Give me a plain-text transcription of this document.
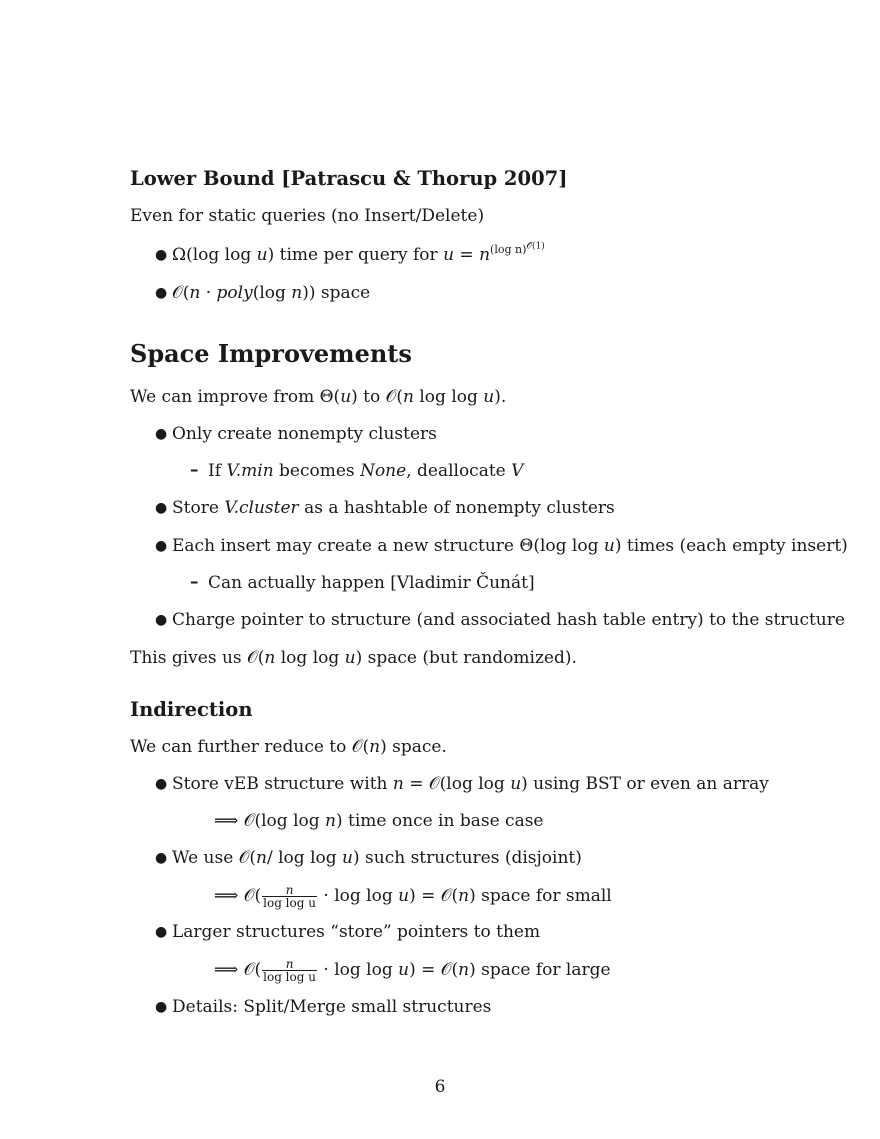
Lower Bound [Patrascu & Thorup 2007]
Even for static queries (no Insert/Delete)
● Ω(log log u) time per query for $u = n^{(log n)^{𝒪(1)}}$
● 𝒪(n · poly(log n)) space
Space Improvements
We can improve from Θ(u) to 𝒪(n log log u).
● Only create nonempty clusters
– If V.min becomes None, deallocate V
● Store V.cluster as a hashtable of nonempty clusters
● Each insert may create a new structure Θ(log log u) times (each empty insert)
– Can actually happen [Vladimir Čunát]
● Charge pointer to structure (and associated hash table entry) to the structure
This gives us 𝒪(n log log u) space (but randomized).
Indirection
We can further reduce to 𝒪(n) space.
● Store vEB structure with n = 𝒪(log log u) using BST or even an array
⟹ 𝒪(log log n) time once in base case
● We use 𝒪(n/ log log u) such structures (disjoint)
⟹ 𝒪( $\frac{n}{\text{log log u}} \cdot \log \log u$) = 𝒪(n) space for small
● Larger structures “store” pointers to them
⟹ 𝒪( $\frac{n}{\text{log log u}} \cdot \log \log u$) = 𝒪(n) space for large
● Details: Split/Merge small structures
6
